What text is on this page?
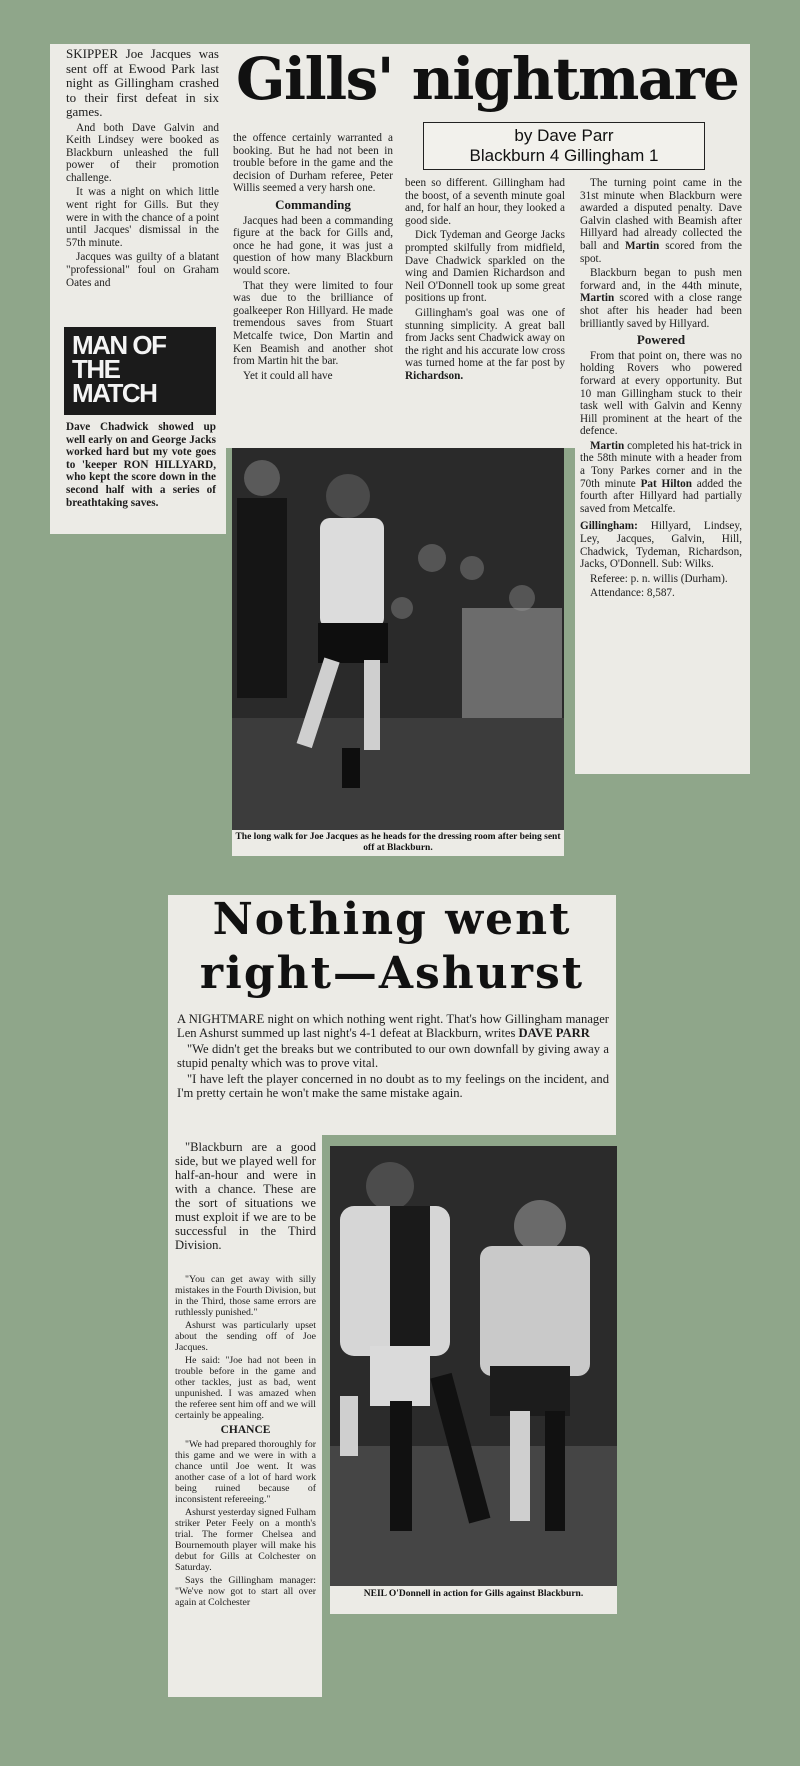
Gills' nightmare
by Dave Parr
Blackburn 4 Gillingham 1

SKIPPER Joe Jacques was sent off at Ewood Park last night as Gillingham crashed to their first defeat in six games.

And both Dave Galvin and Keith Lindsey were booked as Blackburn unleashed the full power of their promotion challenge.

It was a night on which little went right for Gills. But they were in with the chance of a point until Jacques' dismissal in the 57th minute.

Jacques was guilty of a blatant "professional" foul on Graham Oates and

MAN OF THE MATCH

Dave Chadwick showed up well early on and George Jacks worked hard but my vote goes to 'keeper RON HILLYARD, who kept the score down in the second half with a series of breathtaking saves.

the offence certainly warranted a booking. But he had not been in trouble before in the game and the decision of Durham referee, Peter Willis seemed a very harsh one.

Commanding

Jacques had been a commanding figure at the back for Gills and, once he had gone, it was just a question of how many Blackburn would score.

That they were limited to four was due to the brilliance of goalkeeper Ron Hillyard. He made tremendous saves from Stuart Metcalfe twice, Don Martin and Ken Beamish and another shot from Martin hit the bar.

Yet it could all have

been so different. Gillingham had the boost, of a seventh minute goal and, for half an hour, they looked a good side.

Dick Tydeman and George Jacks prompted skilfully from midfield, Dave Chadwick sparkled on the wing and Damien Richardson and Neil O'Donnell took up some great positions up front.

Gillingham's goal was one of stunning simplicity. A great ball from Jacks sent Chadwick away on the right and his accurate low cross was turned home at the far post by Richardson.

The turning point came in the 31st minute when Blackburn were awarded a disputed penalty. Dave Galvin clashed with Beamish after Hillyard had already collected the ball and Martin scored from the spot.

Blackburn began to push men forward and, in the 44th minute, Martin scored with a close range shot after his header had been brilliantly saved by Hillyard.

Powered

From that point on, there was no holding Rovers who powered forward at every opportunity. But 10 man Gillingham stuck to their task well with Galvin and Kenny Hill prominent at the heart of the defence.

Martin completed his hat-trick in the 58th minute with a header from a Tony Parkes corner and in the 70th minute Pat Hilton added the fourth after Hillyard had partially saved from Metcalfe.

Gillingham: Hillyard, Lindsey, Ley, Jacques, Galvin, Hill, Chadwick, Tydeman, Richardson, Jacks, O'Donnell. Sub: Wilks.

Referee: p. n. willis (Durham).

Attendance: 8,587.

The long walk for Joe Jacques as he heads for the dressing room after being sent off at Blackburn.
Nothing went
right—Ashurst

A NIGHTMARE night on which nothing went right. That's how Gillingham manager Len Ashurst summed up last night's 4-1 defeat at Blackburn, writes DAVE PARR

"We didn't get the breaks but we contributed to our own downfall by giving away a stupid penalty which was to prove vital.

"I have left the player concerned in no doubt as to my feelings on the incident, and I'm pretty certain he won't make the same mistake again.

"Blackburn are a good side, but we played well for half-an-hour and were in with a chance. These are the sort of situations we must exploit if we are to be successful in the Third Division.

"You can get away with silly mistakes in the Fourth Division, but in the Third, those same errors are ruthlessly punished."

Ashurst was particularly upset about the sending off of Joe Jacques.

He said: "Joe had not been in trouble before in the game and other tackles, just as bad, went unpunished. I was amazed when the referee sent him off and we will certainly be appealing.

CHANCE

"We had prepared thoroughly for this game and we were in with a chance until Joe went. It was another case of a lot of hard work being ruined because of inconsistent refereeing."

Ashurst yesterday signed Fulham striker Peter Feely on a month's trial. The former Chelsea and Bournemouth player will make his debut for Gills at Colchester on Saturday.

Says the Gillingham manager: "We've now got to start all over again at Colchester

NEIL O'Donnell in action for Gills against Blackburn.
